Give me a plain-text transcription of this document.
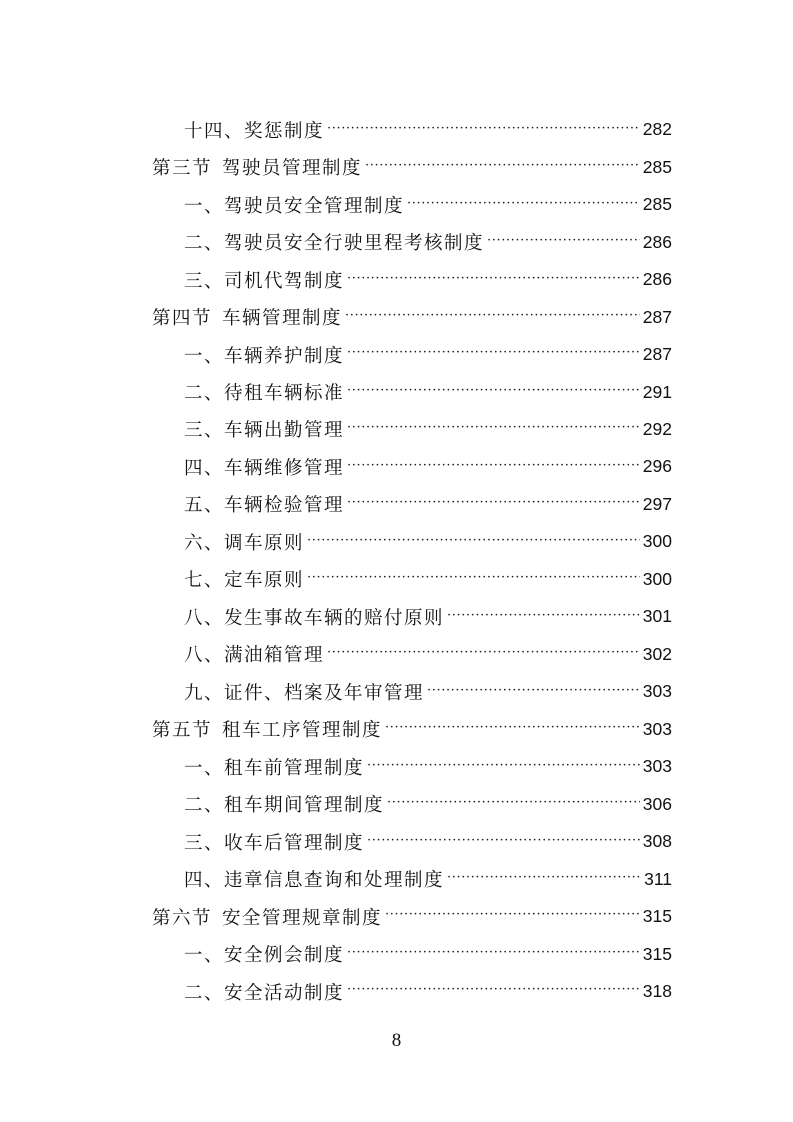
十四、奖惩制度 ·····	282
第三节 驾驶员管理制度 ·····	285
一、驾驶员安全管理制度 ·····	285
二、驾驶员安全行驶里程考核制度 ·····	286
三、司机代驾制度 ·····	286
第四节 车辆管理制度 ·····	287
一、车辆养护制度 ·····	287
二、待租车辆标准 ·····	291
三、车辆出勤管理 ·····	292
四、车辆维修管理 ·····	296
五、车辆检验管理 ·····	297
六、调车原则 ·····	300
七、定车原则 ·····	300
八、发生事故车辆的赔付原则 ·····	301
八、满油箱管理 ·····	302
九、证件、档案及年审管理 ·····	303
第五节 租车工序管理制度 ·····	303
一、租车前管理制度 ·····	303
二、租车期间管理制度 ·····	306
三、收车后管理制度 ·····	308
四、违章信息查询和处理制度 ·····	311
第六节 安全管理规章制度 ·····	315
一、安全例会制度 ·····	315
二、安全活动制度 ·····	318
8
